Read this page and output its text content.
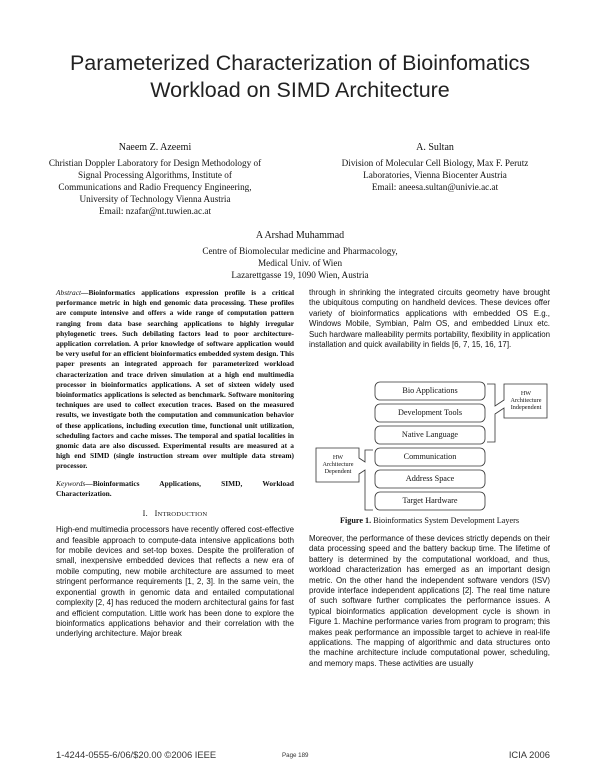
Parameterized Characterization of Bioinfomatics
Workload on SIMD Architecture
Naeem Z. Azeemi
Christian Doppler Laboratory for Design Methodology of
Signal Processing Algorithms, Institute of
Communications and Radio Frequency Engineering,
University of Technology Vienna Austria
Email: nzafar@nt.tuwien.ac.at
A. Sultan
Division of Molecular Cell Biology, Max F. Perutz
Laboratories, Vienna Biocenter Austria
Email: aneesa.sultan@univie.ac.at
A Arshad Muhammad
Centre of Biomolecular medicine and Pharmacology,
Medical Univ. of Wien
Lazarettgasse 19, 1090 Wien, Austria
Abstract—Bioinformatics applications expression profile is a critical performance metric in high end genomic data processing. These profiles are compute intensive and offers a wide range of computation pattern ranging from data base searching applications to highly irregular phylogenetic trees. Such debilating factors lead to poor architecture-application correlation. A prior knowledge of software application would be very useful for an efficient bioinformatics embedded system design. This paper presents an integrated approach for parameterized workload characterization and trace driven simulation at a high end multimedia processor in bioinformatics applications. A set of sixteen widely used bioinformatics applications is selected as benchmark. Software monitoring techniques are used to collect execution traces. Based on the measured results, we investigate both the computation and communication behavior of these applications, including execution time, functional unit utilization, scheduling factors and cache misses. The temporal and spatial localities in gnomic data are also discussed. Experimental results are measured at a high end SIMD (single instruction stream over multiple data stream) processor.
Keywords—Bioinformatics Applications, SIMD, Workload Characterization.
I. INTRODUCTION
High-end multimedia processors have recently offered cost-effective and feasible approach to compute-data intensive applications both for mobile devices and set-top boxes. Despite the proliferation of small, inexpensive embedded devices that reflects a new era of mobile computing, new mobile architecture are assumed to meet stringent performance requirements [1, 2, 3]. In the same vein, the exponential growth in genomic data and entailed computational complexity [2, 4] has reduced the modern architectural gains for fast and efficient computation. Little work has been done to explore the bioinformatics applications behavior and their correlation with the underlying architecture. Major break
through in shrinking the integrated circuits geometry have brought the ubiquitous computing on handheld devices. These devices offer variety of bioinformatics applications with embedded OS E.g., Windows Mobile, Symbian, Palm OS, and embedded Linux etc. Such hardware malleability permits portability, flexibility in application installation and quick availability in fields [6, 7, 15, 16, 17].
Bio Applications
Development Tools
Native Language
Communication
Address Space
Target Hardware
HW
Architecture
Independent
HW
Architecture
Dependent
Figure 1. Bioinformatics System Development Layers
Moreover, the performance of these devices strictly depends on their data processing speed and the battery backup time. The lifetime of battery is determined by the computational workload, and thus, workload characterization has emerged as an important design metric. On the other hand the independent software vendors (ISV) provide interface independent applications [2]. The real time nature of such software further complicates the performance issues. A typical bioinformatics application development cycle is shown in Figure 1. Machine performance varies from program to program; this makes peak performance an impossible target to achieve in real-life applications. The mapping of algorithmic and data structures onto the machine architecture include computational power, scheduling, and memory maps. These activities are usually
1-4244-0555-6/06/$20.00 ©2006 IEEE	Page 189	ICIA 2006
